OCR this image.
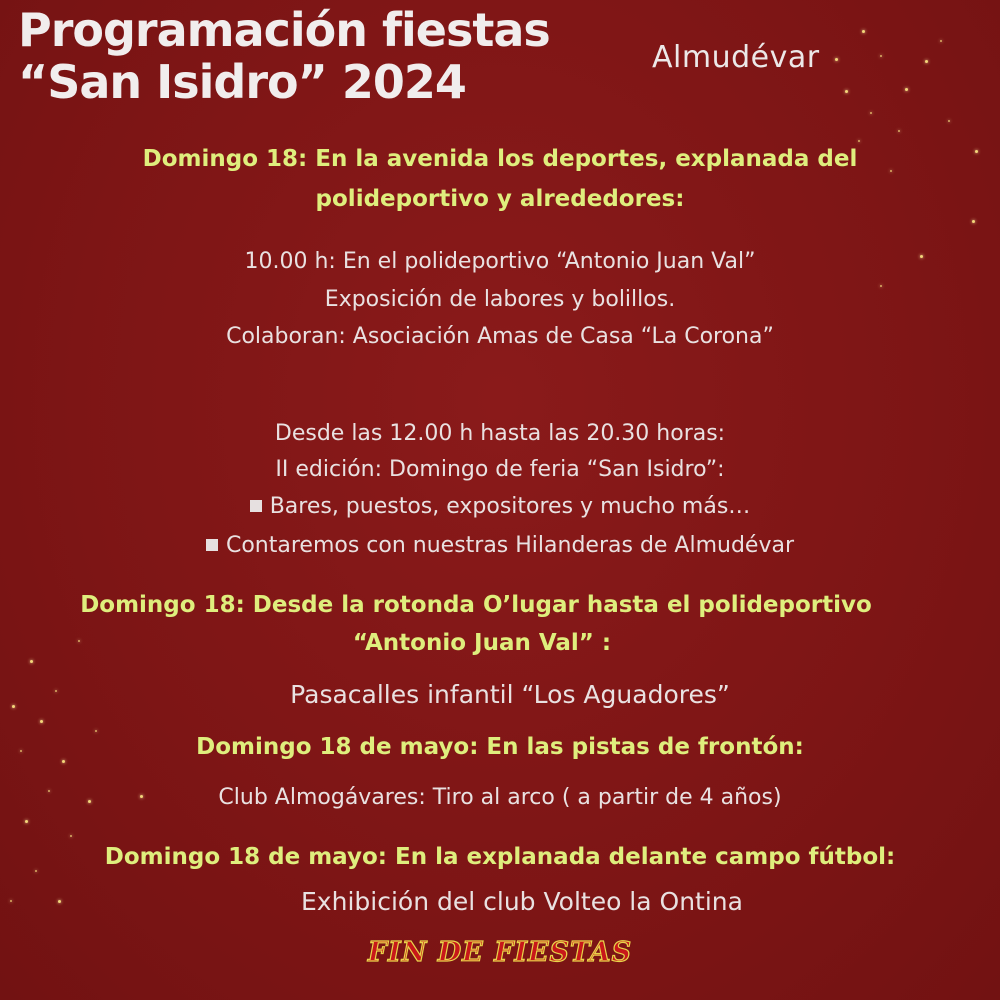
Programación fiestas
“San Isidro” 2024	Almudévar
Domingo 18: En la avenida los deportes, explanada del
polideportivo y alrededores:
10.00 h: En el polideportivo “Antonio Juan Val”
Exposición de labores y bolillos.
Colaboran: Asociación Amas de Casa “La Corona”
Desde las 12.00 h hasta las 20.30 horas:
II edición: Domingo de feria “San Isidro”:
Bares, puestos, expositores y mucho más…
Contaremos con nuestras Hilanderas de Almudévar
Domingo 18: Desde la rotonda O’lugar hasta el polideportivo
“Antonio Juan Val” :
Pasacalles infantil “Los Aguadores”
Domingo 18 de mayo: En las pistas de frontón:
Club Almogávares: Tiro al arco ( a partir de 4 años)
Domingo 18 de mayo: En la explanada delante campo fútbol:
Exhibición del club Volteo la Ontina
FIN DE FIESTAS
